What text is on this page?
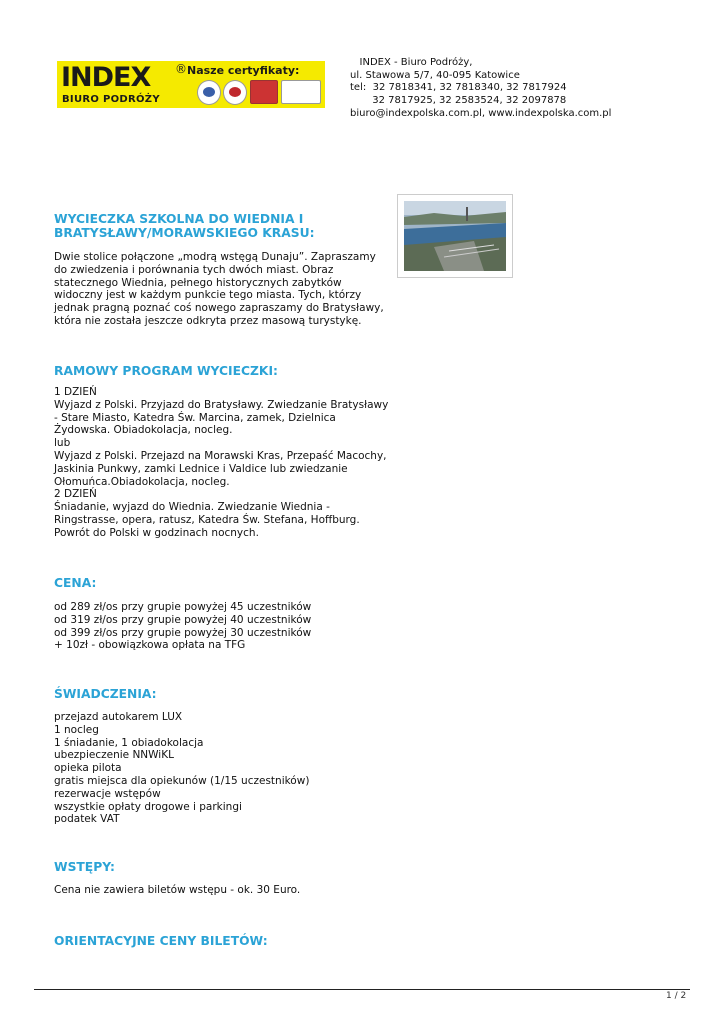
INDEX ® Nasze certyfikaty:
BIURO PODRÓŻY
INDEX - Biuro Podróży,
ul. Stawowa 5/7, 40-095 Katowice
tel:  32 7818341, 32 7818340, 32 7817924
32 7817925, 32 2583524, 32 2097878
biuro@indexpolska.com.pl, www.indexpolska.com.pl
WYCIECZKA SZKOLNA DO WIEDNIA I
BRATYSŁAWY/MORAWSKIEGO KRASU:
Dwie stolice połączone „modrą wstęgą Dunaju”. Zapraszamy
do zwiedzenia i porównania tych dwóch miast. Obraz
statecznego Wiednia, pełnego historycznych zabytków
widoczny jest w każdym punkcie tego miasta. Tych, którzy
jednak pragną poznać coś nowego zapraszamy do Bratysławy,
która nie została jeszcze odkryta przez masową turystykę.
RAMOWY PROGRAM WYCIECZKI:
1 DZIEŃ
Wyjazd z Polski. Przyjazd do Bratysławy. Zwiedzanie Bratysławy
- Stare Miasto, Katedra Św. Marcina, zamek, Dzielnica
Żydowska. Obiadokolacja, nocleg.
lub
Wyjazd z Polski. Przejazd na Morawski Kras, Przepaść Macochy,
Jaskinia Punkwy, zamki Lednice i Valdice lub zwiedzanie
Ołomuńca.Obiadokolacja, nocleg.
2 DZIEŃ
Śniadanie, wyjazd do Wiednia. Zwiedzanie Wiednia -
Ringstrasse, opera, ratusz, Katedra Św. Stefana, Hoffburg.
Powrót do Polski w godzinach nocnych.
CENA:
od 289 zł/os przy grupie powyżej 45 uczestników
od 319 zł/os przy grupie powyżej 40 uczestników
od 399 zł/os przy grupie powyżej 30 uczestników
+ 10zł - obowiązkowa opłata na TFG
ŚWIADCZENIA:
przejazd autokarem LUX
1 nocleg
1 śniadanie, 1 obiadokolacja
ubezpieczenie NNWiKL
opieka pilota
gratis miejsca dla opiekunów (1/15 uczestników)
rezerwacje wstępów
wszystkie opłaty drogowe i parkingi
podatek VAT
WSTĘPY:
Cena nie zawiera biletów wstępu - ok. 30 Euro.
ORIENTACYJNE CENY BILETÓW:
1 / 2
